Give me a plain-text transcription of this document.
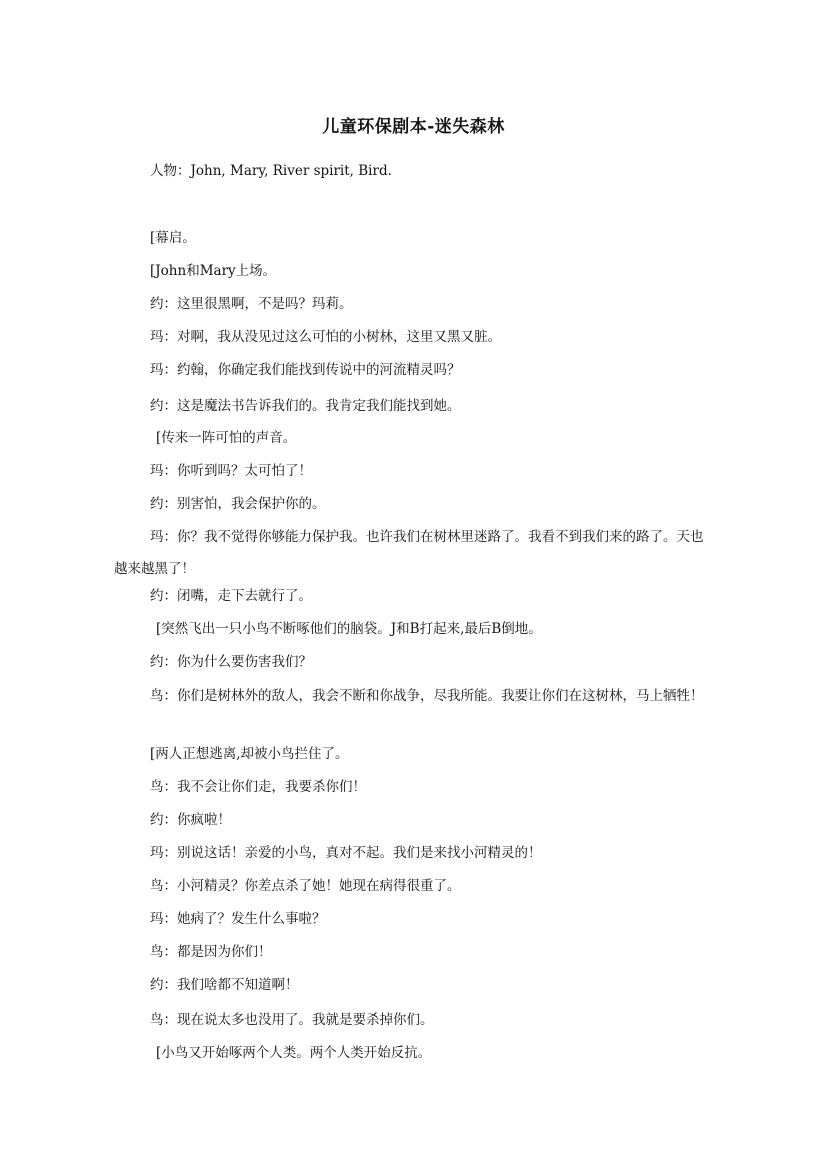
儿童环保剧本-迷失森林
人物：John, Mary, River spirit, Bird.
[幕启。
[John和Mary上场。
约：这里很黑啊，不是吗？玛莉。
玛：对啊，我从没见过这么可怕的小树林，这里又黑又脏。
玛：约翰，你确定我们能找到传说中的河流精灵吗？
约：这是魔法书告诉我们的。我肯定我们能找到她。
[传来一阵可怕的声音。
玛：你听到吗？太可怕了！
约：别害怕，我会保护你的。
玛：你？我不觉得你够能力保护我。也许我们在树林里迷路了。我看不到我们来的路了。天也越来越黑了！
约：闭嘴，走下去就行了。
[突然飞出一只小鸟不断啄他们的脑袋。J和B打起来,最后B倒地。
约：你为什么要伤害我们？
鸟：你们是树林外的敌人，我会不断和你战争，尽我所能。我要让你们在这树林，马上牺牲！
[两人正想逃离,却被小鸟拦住了。
鸟：我不会让你们走，我要杀你们！
约：你疯啦！
玛：别说这话！亲爱的小鸟，真对不起。我们是来找小河精灵的！
鸟：小河精灵？你差点杀了她！她现在病得很重了。
玛：她病了？发生什么事啦？
鸟：都是因为你们！
约：我们啥都不知道啊！
鸟：现在说太多也没用了。我就是要杀掉你们。
[小鸟又开始啄两个人类。两个人类开始反抗。
